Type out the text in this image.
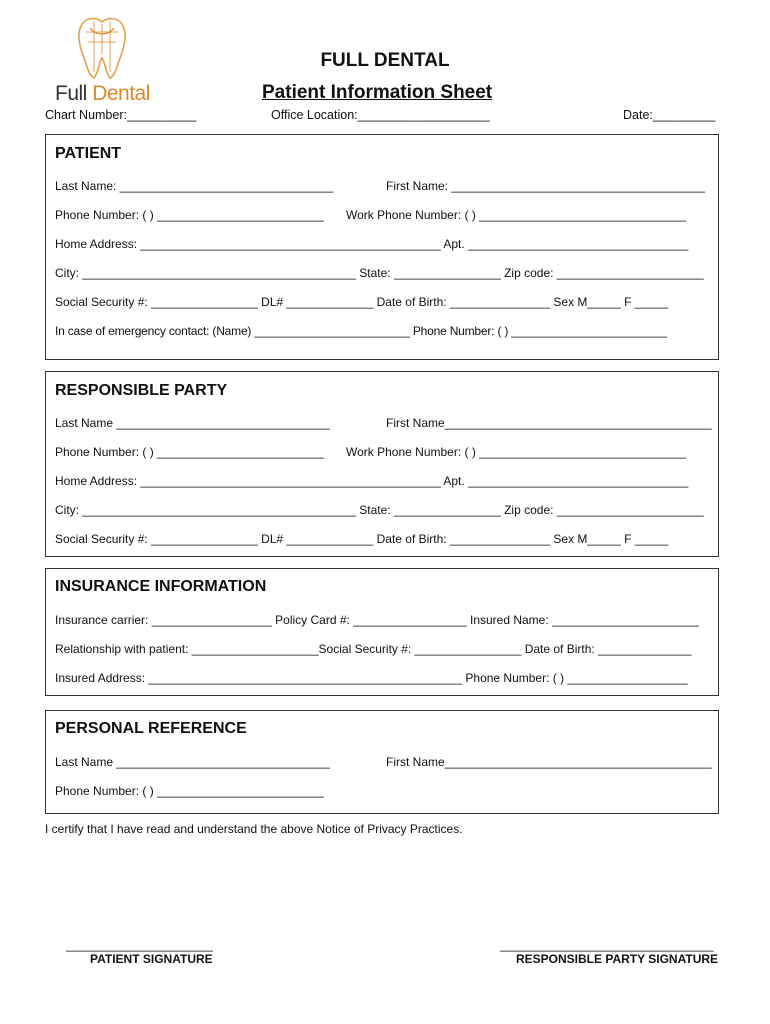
Full Dental
FULL DENTAL
Patient Information Sheet
Chart Number:__________	Office Location:___________________	Date:_________
PATIENT
Last Name: ________________________________	First Name: ______________________________________
Phone Number: ( ) _________________________ Work Phone Number: ( ) _______________________________
Home Address: _____________________________________________ Apt. _________________________________
City: _________________________________________ State: ________________ Zip code: ______________________
Social Security #: ________________ DL# _____________ Date of Birth: _______________ Sex M_____ F _____
In case of emergency contact: (Name) ________________________ Phone Number: ( ) ________________________
RESPONSIBLE PARTY
Last Name ________________________________	First Name________________________________________
Phone Number: ( ) _________________________ Work Phone Number: ( ) _______________________________
Home Address: _____________________________________________ Apt. _________________________________
City: _________________________________________ State: ________________ Zip code: ______________________
Social Security #: ________________ DL# _____________ Date of Birth: _______________ Sex M_____ F _____
INSURANCE INFORMATION
Insurance carrier: __________________ Policy Card #: _________________ Insured Name: ______________________
Relationship with patient: ___________________Social Security #: ________________ Date of Birth: ______________
Insured Address: _______________________________________________ Phone Number: ( ) __________________
PERSONAL REFERENCE
Last Name ________________________________	First Name________________________________________
Phone Number: ( ) _________________________
I certify that I have read and understand the above Notice of Privacy Practices.
______________________
PATIENT SIGNATURE
________________________________
RESPONSIBLE PARTY SIGNATURE
